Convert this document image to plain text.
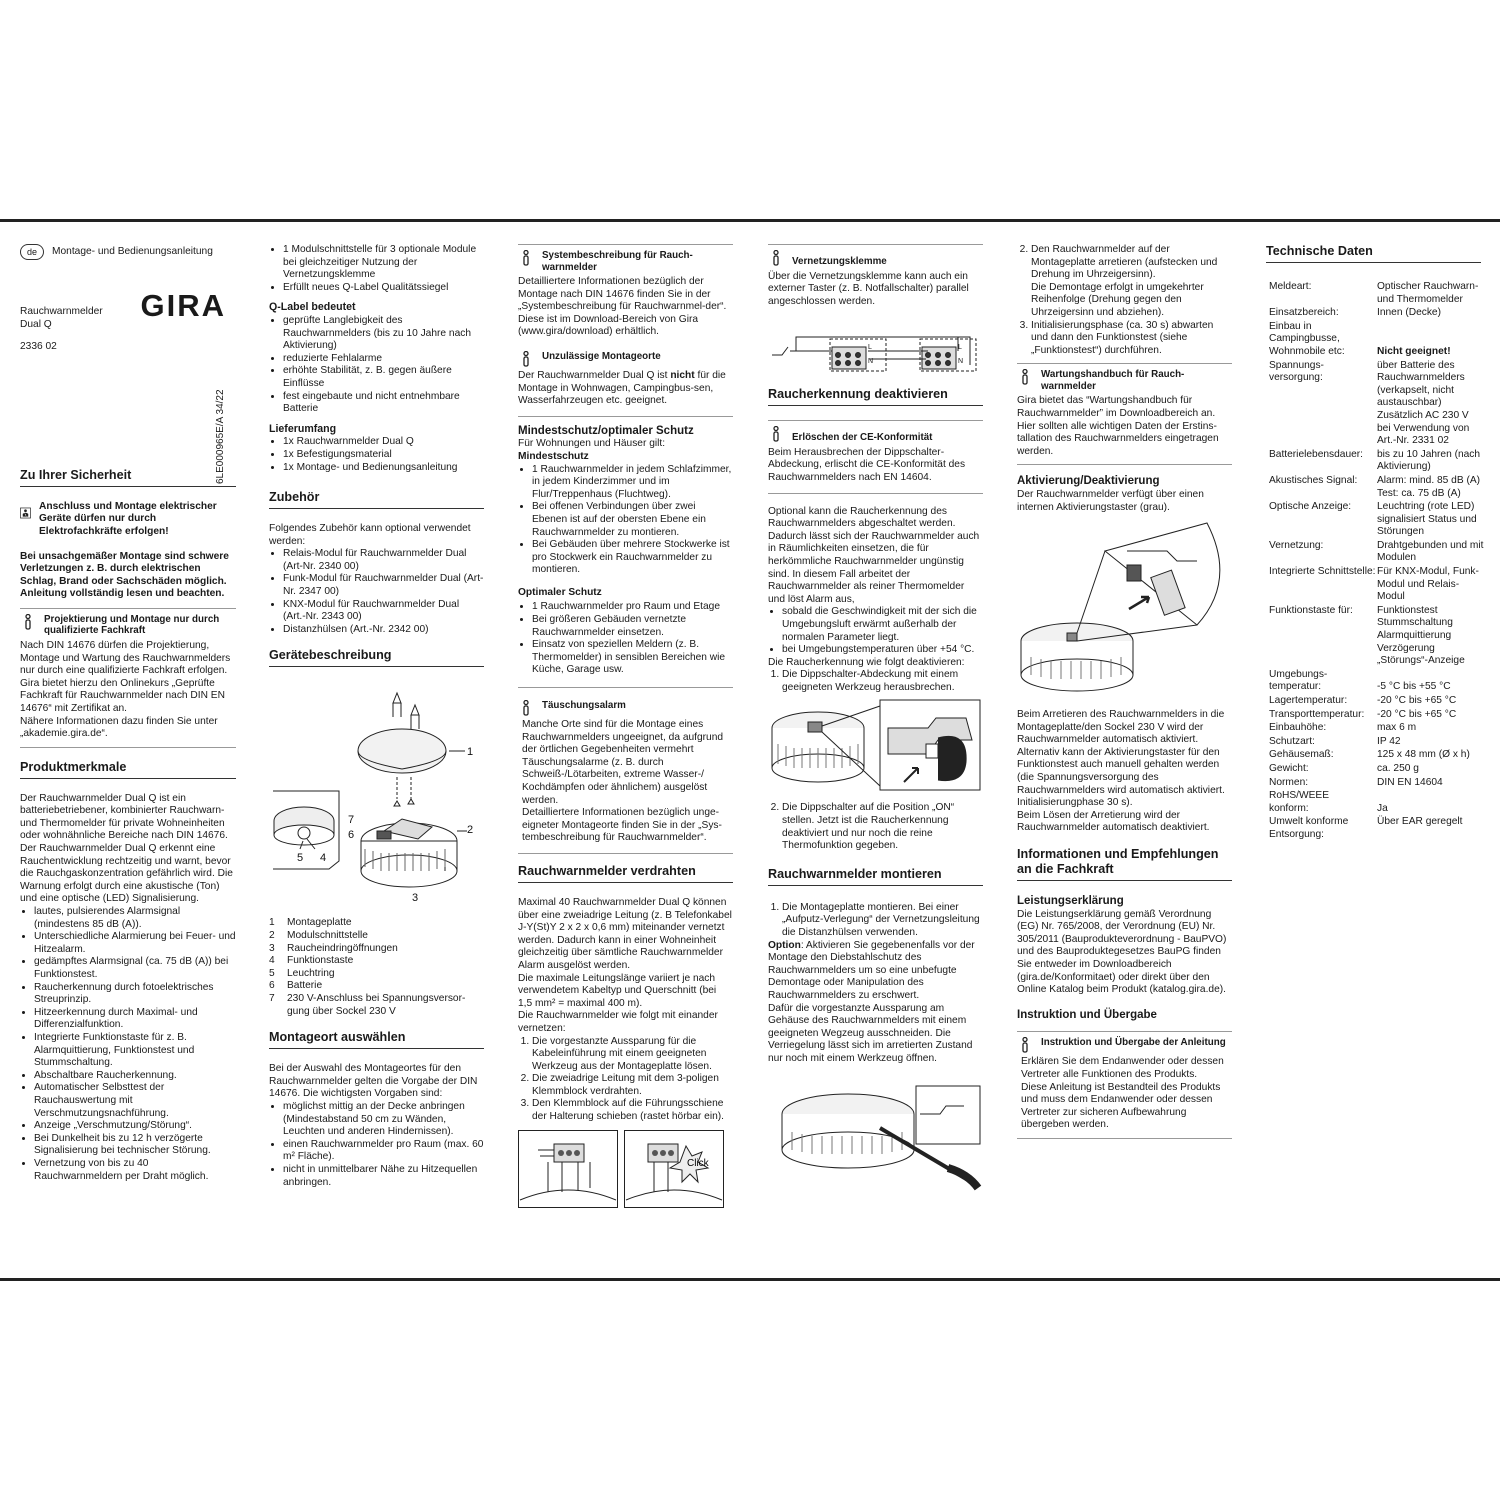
de	Montage- und Bedienungsanleitung
Rauchwarnmelder
Dual Q
GIRA
2336 02
6LE000965E/A 34/22
Zu Ihrer Sicherheit
Anschluss und Montage elektrischer Geräte dürfen nur durch Elektrofachkräfte erfolgen!

Bei unsachgemäßer Montage sind schwere Verletzungen z. B. durch elektrischen Schlag, Brand oder Sachschäden möglich. Anleitung vollständig lesen und beachten.

Projektierung und Montage nur durch qualifizierte Fachkraft

Nach DIN 14676 dürfen die Projektierung, Montage und Wartung des Rauchwarnmelders nur durch eine qualifizierte Fachkraft erfolgen.
Gira bietet hierzu den Onlinekurs „Geprüfte Fachkraft für Rauchwarnmelder nach DIN EN 14676“ mit Zertifikat an.
Nähere Informationen dazu finden Sie unter „akademie.gira.de“.

Produktmerkmale

Der Rauchwarnmelder Dual Q ist ein batteriebetriebener, kombinierter Rauchwarn- und Thermomelder für private Wohneinheiten oder wohnähnliche Bereiche nach DIN 14676.
Der Rauchwarnmelder Dual Q erkennt eine Rauchentwicklung rechtzeitig und warnt, bevor die Rauchgaskonzentration gefährlich wird. Die Warnung erfolgt durch eine akustische (Ton) und eine optische (LED) Signalisierung.

• lautes, pulsierendes Alarmsignal (mindestens 85 dB (A)).
• Unterschiedliche Alarmierung bei Feuer- und Hitzealarm.
• gedämpftes Alarmsignal (ca. 75 dB (A)) bei Funktionstest.
• Raucherkennung durch fotoelektrisches Streuprinzip.
• Hitzeerkennung durch Maximal- und Differenzialfunktion.
• Integrierte Funktionstaste für z. B. Alarmquittierung, Funktionstest und Stummschaltung.
• Abschaltbare Raucherkennung.
• Automatischer Selbsttest der Rauchauswertung mit Verschmutzungsnachführung.
• Anzeige „Verschmutzung/Störung“.
• Bei Dunkelheit bis zu 12 h verzögerte Signalisierung bei technischer Störung.
• Vernetzung von bis zu 40 Rauchwarnmeldern per Draht möglich.
• 1 Modulschnittstelle für 3 optionale Module bei gleichzeitiger Nutzung der Vernetzungsklemme
• Erfüllt neues Q-Label Qualitätssiegel
Q-Label bedeutet
• geprüfte Langlebigkeit des Rauchwarnmelders (bis zu 10 Jahre nach Aktivierung)
• reduzierte Fehlalarme
• erhöhte Stabilität, z. B. gegen äußere Einflüsse
• fest eingebaute und nicht entnehmbare Batterie
Lieferumfang
• 1x Rauchwarnmelder Dual Q
• 1x Befestigungsmaterial
• 1x Montage- und Bedienungsanleitung
Zubehör

Folgendes Zubehör kann optional verwendet werden:

• Relais-Modul für Rauchwarnmelder Dual (Art-Nr. 2340 00)
• Funk-Modul für Rauchwarnmelder Dual (Art-Nr. 2347 00)
• KNX-Modul für Rauchwarnmelder Dual (Art.-Nr. 2343 00)
• Distanzhülsen (Art.-Nr. 2342 00)
Gerätebeschreibung
1
2
3
4
5
6
7
1	Montageplatte
2	Modulschnittstelle
3	Raucheindringöffnungen
4	Funktionstaste
5	Leuchtring
6	Batterie
7	230 V-Anschluss bei Spannungsversor-
gung über Sockel 230 V
Montageort auswählen

Bei der Auswahl des Montageortes für den Rauchwarnmelder gelten die Vorgabe der DIN 14676. Die wichtigsten Vorgaben sind:

• möglichst mittig an der Decke anbringen (Mindestabstand 50 cm zu Wänden, Leuchten und anderen Hindernissen).
• einen Rauchwarnmelder pro Raum (max. 60 m² Fläche).
• nicht in unmittelbarer Nähe zu Hitzequellen anbringen.
Systembeschreibung für Rauch-
warnmelder

Detailliertere Informationen bezüglich der Montage nach DIN 14676 finden Sie in der „Systembeschreibung für Rauchwarnmel-der“. Diese ist im Download-Bereich von Gira (www.gira/download) erhältlich.

Unzulässige Montageorte

Der Rauchwarnmelder Dual Q ist nicht für die Montage in Wohnwagen, Campingbus-sen, Wasserfahrzeugen etc. geeignet.

Mindestschutz/optimaler Schutz
Für Wohnungen und Häuser gilt:
Mindestschutz
• 1 Rauchwarnmelder in jedem Schlafzimmer, in jedem Kinderzimmer und im Flur/Treppenhaus (Fluchtweg).
• Bei offenen Verbindungen über zwei Ebenen ist auf der obersten Ebene ein Rauchwarnmelder zu montieren.
• Bei Gebäuden über mehrere Stockwerke ist pro Stockwerk ein Rauchwarnmelder zu montieren.
Optimaler Schutz
• 1 Rauchwarnmelder pro Raum und Etage
• Bei größeren Gebäuden vernetzte Rauchwarnmelder einsetzen.
• Einsatz von speziellen Meldern (z. B. Thermomelder) in sensiblen Bereichen wie Küche, Garage usw.
Täuschungsalarm

Manche Orte sind für die Montage eines Rauchwarnmelders ungeeignet, da aufgrund der örtlichen Gegebenheiten vermehrt Täuschungsalarme (z. B. durch Schweiß-/Lötarbeiten, extreme Wasser-/ Kochdämpfen oder ähnlichem) ausgelöst werden.
Detailliertere Informationen bezüglich unge-eigneter Montageorte finden Sie in der „Sys-tembeschreibung für Rauchwarnmelder“.

Rauchwarnmelder verdrahten

Maximal 40 Rauchwarnmelder Dual Q können über eine zweiadrige Leitung (z. B Telefonkabel J-Y(St)Y 2 x 2 x 0,6 mm) miteinander vernetzt werden. Dadurch kann in einer Wohneinheit gleichzeitig über sämtliche Rauchwarnmelder Alarm ausgelöst werden.
Die maximale Leitungslänge variiert je nach verwendetem Kabeltyp und Querschnitt (bei 1,5 mm² = maximal 400 m).
Die Rauchwarnmelder wie folgt mit einander vernetzen:

1. Die vorgestanzte Aussparung für die Kabeleinführung mit einem geeigneten Werkzeug aus der Montageplatte lösen.
2. Die zweiadrige Leitung mit dem 3-poligen Klemmblock verdrahten.
3. Den Klemmblock auf die Führungsschiene der Halterung schieben (rastet hörbar ein).
Click
Vernetzungsklemme

Über die Vernetzungsklemme kann auch ein externer Taster (z. B. Notfallschalter) parallel angeschlossen werden.

L
N
L
N
Raucherkennung deaktivieren
Erlöschen der CE-Konformität

Beim Herausbrechen der Dippschalter-Abdeckung, erlischt die CE-Konformität des Rauchwarnmelders nach EN 14604.

Optional kann die Raucherkennung des Rauchwarnmelders abgeschaltet werden. Dadurch lässt sich der Rauchwarnmelder auch in Räumlichkeiten einsetzen, die für herkömmliche Rauchwarnmelder ungünstig sind. In diesem Fall arbeitet der Rauchwarnmelder als reiner Thermomelder und löst Alarm aus,

• sobald die Geschwindigkeit mit der sich die Umgebungsluft erwärmt außerhalb der normalen Parameter liegt.
• bei Umgebungstemperaturen über +54 °C.
Die Raucherkennung wie folgt deaktivieren:
1. Die Dippschalter-Abdeckung mit einem geeigneten Werkzeug herausbrechen.
2. Die Dippschalter auf die Position „ON“ stellen. Jetzt ist die Raucherkennung deaktiviert und nur noch die reine Thermofunktion gegeben.
Rauchwarnmelder montieren
1. Die Montageplatte montieren. Bei einer „Aufputz-Verlegung“ der Vernetzungsleitung die Distanzhülsen verwenden.

Option: Aktivieren Sie gegebenenfalls vor der Montage den Diebstahlschutz des Rauchwarnmelders um so eine unbefugte Demontage oder Manipulation des Rauchwarnmelders zu erschwert.
Dafür die vorgestanzte Aussparung am Gehäuse des Rauchwarnmelders mit einem geeigneten Wegzeug ausschneiden. Die Verriegelung lässt sich im arretierten Zustand nur noch mit einem Werkzeug öffnen.

2. Den Rauchwarnmelder auf der Montageplatte arretieren (aufstecken und Drehung im Uhrzeigersinn).
Die Demontage erfolgt in umgekehrter Reihenfolge (Drehung gegen den Uhrzeigersinn und abziehen).
3. Initialisierungsphase (ca. 30 s) abwarten und dann den Funktionstest (siehe „Funktionstest“) durchführen.
Wartungshandbuch für Rauch-
warnmelder

Gira bietet das “Wartungshandbuch für Rauchwarnmelder” im Downloadbereich an. Hier sollten alle wichtigen Daten der Erstins-tallation des Rauchwarnmelders eingetragen werden.

Aktivierung/Deaktivierung

Der Rauchwarnmelder verfügt über einen internen Aktivierungstaster (grau).

Beim Arretieren des Rauchwarnmelders in die Montageplatte/den Sockel 230 V wird der Rauchwarnmelder automatisch aktiviert.
Alternativ kann der Aktivierungstaster für den Funktionstest auch manuell gehalten werden (die Spannungsversorgung des Rauchwarnmelders wird automatisch aktiviert. Initialisierungphase 30 s).
Beim Lösen der Arretierung wird der Rauchwarnmelder automatisch deaktiviert.

Informationen und Empfehlungen an die Fachkraft
Leistungserklärung

Die Leistungserklärung gemäß Verordnung (EG) Nr. 765/2008, der Verordnung (EU) Nr. 305/2011 (Bauprodukteverordnung - BauPVO) und des Bauproduktegesetzes BauPG finden Sie entweder im Downloadbereich (gira.de/Konformitaet) oder direkt über den Online Katalog beim Produkt (katalog.gira.de).

Instruktion und Übergabe
Instruktion und Übergabe der Anleitung

Erklären Sie dem Endanwender oder dessen Vertreter alle Funktionen des Produkts.
Diese Anleitung ist Bestandteil des Produkts und muss dem Endanwender oder dessen Vertreter zur sicheren Aufbewahrung übergeben werden.

Technische Daten
Meldeart:	Optischer Rauchwarn- und Thermomelder
Einsatzbereich:	Innen (Decke)
Einbau in Campingbusse, Wohnmobile etc:	Nicht geeignet!
Spannungs-
versorgung:
über Batterie des Rauchwarnmelders (verkapselt, nicht austauschbar)
Zusätzlich AC 230 V bei Verwendung von Art.-Nr. 2331 02
Batterielebensdauer:	bis zu 10 Jahren (nach Aktivierung)
Akustisches Signal:	Alarm: mind. 85 dB (A)
Test: ca. 75 dB (A)
Optische Anzeige:	Leuchtring (rote LED) signalisiert Status und Störungen
Vernetzung:	Drahtgebunden und mit Modulen
Integrierte Schnittstelle: Für KNX-Modul, Funk-Modul und Relais-Modul
Funktionstaste für:	Funktionstest
Stummschaltung
Alarmquittierung
Verzögerung „Störungs“-Anzeige
Umgebungs-
temperatur:	-5 °C bis +55 °C
Lagertemperatur:	-20 °C bis +65 °C
Transporttemperatur:	-20 °C bis +65 °C
Einbauhöhe:	max 6 m
Schutzart:	IP 42
Gehäusemaß:	125 x 48 mm (Ø x h)
Gewicht:	ca. 250 g
Normen:	DIN EN 14604
RoHS/WEEE
konform:	Ja
Umwelt konforme Entsorgung:
Über EAR geregelt
